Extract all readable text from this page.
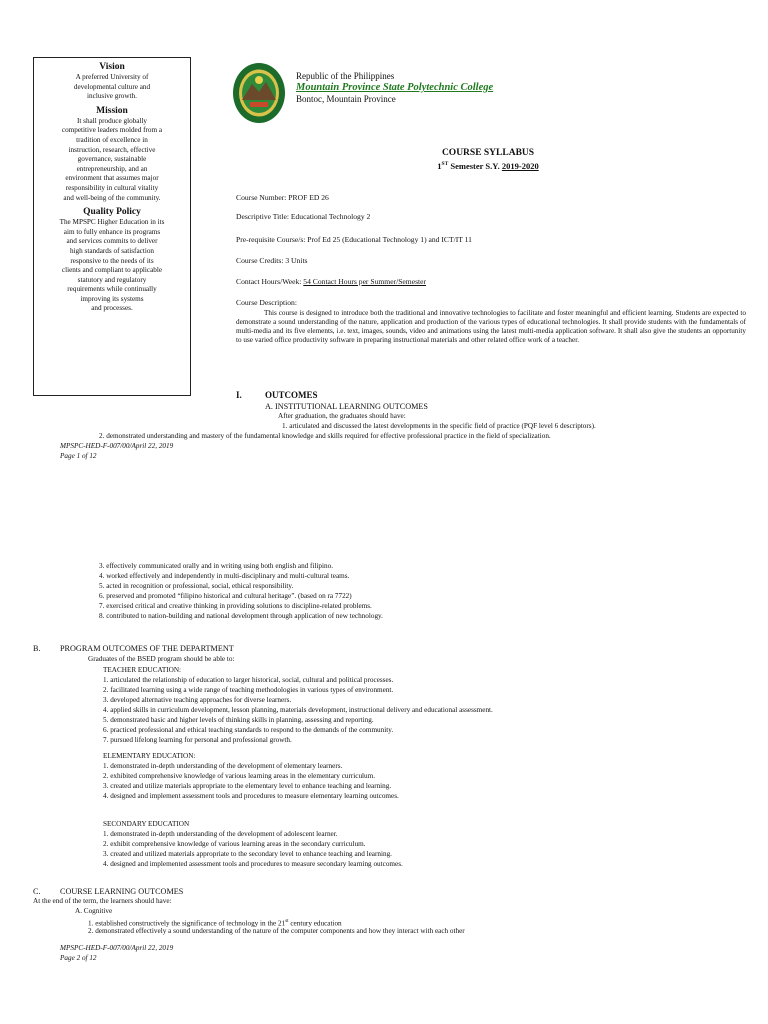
Vision

A preferred University of
developmental culture and
inclusive growth.

Mission

It shall produce globally
competitive leaders molded from a
tradition of excellence in
instruction, research, effective
governance, sustainable
entrepreneurship, and an
environment that assumes major
responsibility in cultural vitality
and well-being of the community.

Quality Policy

The MPSPC Higher Education in its
aim to fully enhance its programs
and services commits to deliver
high standards of satisfaction
responsive to the needs of its
clients and compliant to applicable
statutory and regulatory
requirements while continually
improving its systems
and processes.

Republic of the Philippines
Mountain Province State Polytechnic College
Bontoc, Mountain Province
COURSE SYLLABUS
1ST Semester S.Y. 2019-2020
Course Number: PROF ED 26
Descriptive Title: Educational Technology 2
Pre-requisite Course/s: Prof Ed 25 (Educational Technology 1) and ICT/IT 11
Course Credits: 3 Units
Contact Hours/Week: 54 Contact Hours per Summer/Semester
Course Description:
This course is designed to introduce both the traditional and innovative technologies to facilitate and foster meaningful and efficient learning. Students are expected to demonstrate a sound understanding of the nature, application and production of the various types of educational technologies. It shall provide students with the fundamentals of multi-media and its five elements, i.e. text, images, sounds, video and animations using the latest multi-media application software. It shall also give the students an opportunity to use varied office productivity software in preparing instructional materials and other related office work of a teacher.
I.	OUTCOMES
A. INSTITUTIONAL LEARNING OUTCOMES
After graduation, the graduates should have:
1. articulated and discussed the latest developments in the specific field of practice (PQF level 6 descriptors).
2. demonstrated understanding and mastery of the fundamental knowledge and skills required for effective professional practice in the field of specialization.
MPSPC-HED-F-007/00/April 22, 2019
Page 1 of 12
3. effectively communicated orally and in writing using both english and filipino.
4. worked effectively and independently in multi-disciplinary and multi-cultural teams.
5. acted in recognition or professional, social, ethical responsibility.
6. preserved and promoted “filipino historical and cultural heritage”. (based on ra 7722)
7. exercised critical and creative thinking in providing solutions to discipline-related problems.
8. contributed to nation-building and national development through application of new technology.
B. PROGRAM OUTCOMES OF THE DEPARTMENT
Graduates of the BSED program should be able to:
TEACHER EDUCATION:
1. articulated the relationship of education to larger historical, social, cultural and political processes.
2. facilitated learning using a wide range of teaching methodologies in various types of environment.
3. developed alternative teaching approaches for diverse learners.
4. applied skills in curriculum development, lesson planning, materials development, instructional delivery and educational assessment.
5. demonstrated basic and higher levels of thinking skills in planning, assessing and reporting.
6. practiced professional and ethical teaching standards to respond to the demands of the community.
7. pursued lifelong learning for personal and professional growth.
ELEMENTARY EDUCATION:
1. demonstrated in-depth understanding of the development of elementary learners.
2. exhibited comprehensive knowledge of various learning areas in the elementary curriculum.
3. created and utilize materials appropriate to the elementary level to enhance teaching and learning.
4. designed and implement assessment tools and procedures to measure elementary learning outcomes.
SECONDARY EDUCATION
1. demonstrated in-depth understanding of the development of adolescent learner.
2. exhibit comprehensive knowledge of various learning areas in the secondary curriculum.
3. created and utilized materials appropriate to the secondary level to enhance teaching and learning.
4. designed and implemented assessment tools and procedures to measure secondary learning outcomes.
C. COURSE LEARNING OUTCOMES
At the end of the term, the learners should have:
A. Cognitive
1. established constructively the significance of technology in the 21st century education
2. demonstrated effectively a sound understanding of the nature of the computer components and how they interact with each other
MPSPC-HED-F-007/00/April 22, 2019
Page 2 of 12
